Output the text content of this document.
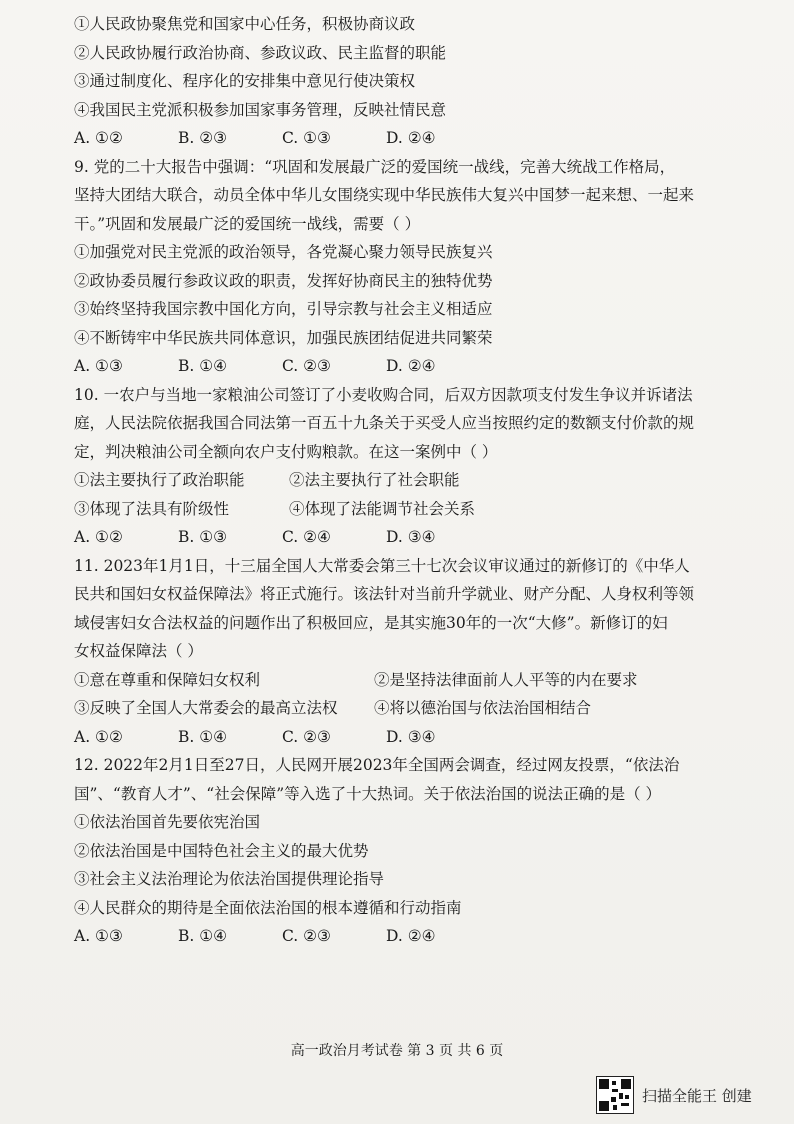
①人民政协聚焦党和国家中心任务，积极协商议政
②人民政协履行政治协商、参政议政、民主监督的职能
③通过制度化、程序化的安排集中意见行使决策权
④我国民主党派积极参加国家事务管理，反映社情民意
A. ①②	B. ②③	C. ①③	D. ②④
9. 党的二十大报告中强调：“巩固和发展最广泛的爱国统一战线，完善大统战工作格局，
坚持大团结大联合，动员全体中华儿女围绕实现中华民族伟大复兴中国梦一起来想、一起来
干。”巩固和发展最广泛的爱国统一战线，需要（ ）
①加强党对民主党派的政治领导，各党凝心聚力领导民族复兴
②政协委员履行参政议政的职责，发挥好协商民主的独特优势
③始终坚持我国宗教中国化方向，引导宗教与社会主义相适应
④不断铸牢中华民族共同体意识，加强民族团结促进共同繁荣
A. ①③	B. ①④	C. ②③	D. ②④
10. 一农户与当地一家粮油公司签订了小麦收购合同，后双方因款项支付发生争议并诉诸法
庭，人民法院依据我国合同法第一百五十九条关于买受人应当按照约定的数额支付价款的规
定，判决粮油公司全额向农户支付购粮款。在这一案例中（ ）
①法主要执行了政治职能	②法主要执行了社会职能
③体现了法具有阶级性	④体现了法能调节社会关系
A. ①②	B. ①③	C. ②④	D. ③④
11. 2023年1月1日，十三届全国人大常委会第三十七次会议审议通过的新修订的《中华人
民共和国妇女权益保障法》将正式施行。该法针对当前升学就业、财产分配、人身权利等领
域侵害妇女合法权益的问题作出了积极回应，是其实施30年的一次“大修”。新修订的妇
女权益保障法（ ）
①意在尊重和保障妇女权利	②是坚持法律面前人人平等的内在要求
③反映了全国人大常委会的最高立法权	④将以德治国与依法治国相结合
A. ①②	B. ①④	C. ②③	D. ③④
12. 2022年2月1日至27日，人民网开展2023年全国两会调查，经过网友投票，“依法治
国”、“教育人才”、“社会保障”等入选了十大热词。关于依法治国的说法正确的是（ ）
①依法治国首先要依宪治国
②依法治国是中国特色社会主义的最大优势
③社会主义法治理论为依法治国提供理论指导
④人民群众的期待是全面依法治国的根本遵循和行动指南
A. ①③	B. ①④	C. ②③	D. ②④
高一政治月考试卷 第 3 页 共 6 页
扫描全能王 创建
